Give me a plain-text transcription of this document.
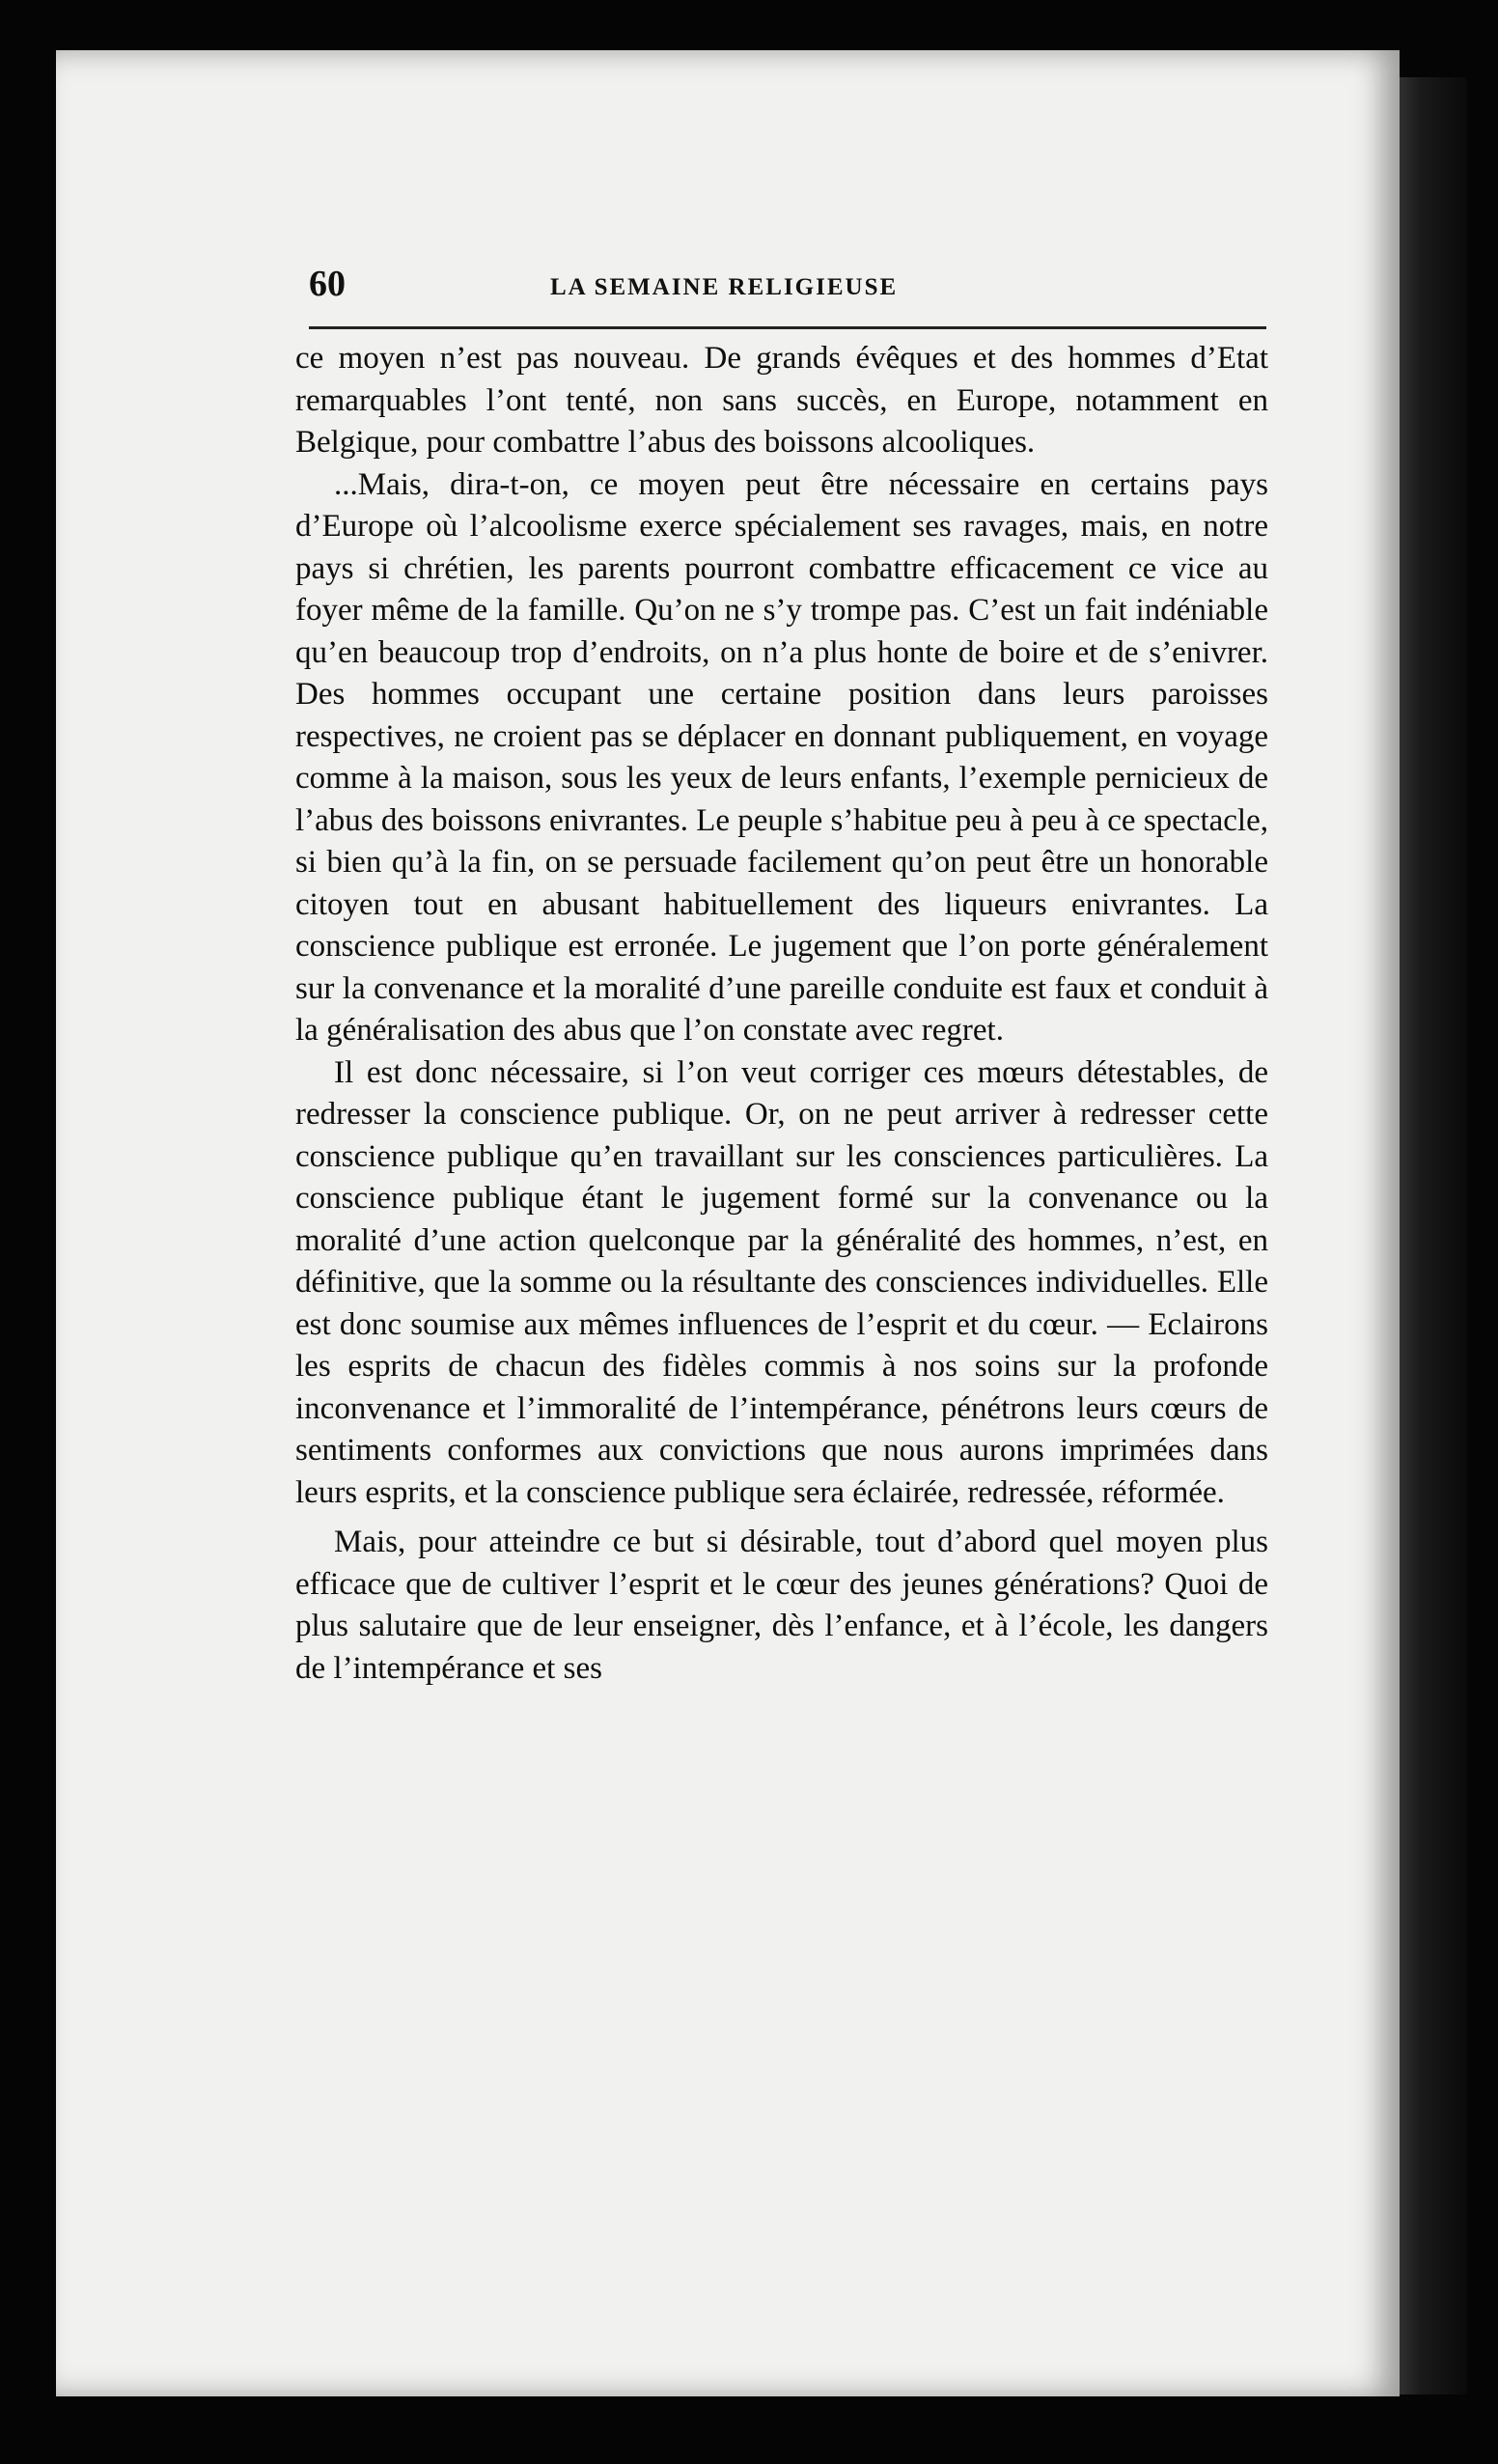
60	LA SEMAINE RELIGIEUSE

ce moyen n’est pas nouveau. De grands évêques et des hommes d’Etat remarquables l’ont tenté, non sans succès, en Europe, notamment en Belgique, pour combattre l’abus des boissons alcooliques.

...Mais, dira-t-on, ce moyen peut être nécessaire en certains pays d’Europe où l’alcoolisme exerce spécialement ses ravages, mais, en notre pays si chrétien, les parents pourront combattre efficacement ce vice au foyer même de la famille. Qu’on ne s’y trompe pas. C’est un fait indéniable qu’en beaucoup trop d’endroits, on n’a plus honte de boire et de s’enivrer. Des hommes occupant une certaine position dans leurs paroisses respectives, ne croient pas se déplacer en donnant publiquement, en voyage comme à la maison, sous les yeux de leurs enfants, l’exemple pernicieux de l’abus des boissons enivrantes. Le peuple s’habitue peu à peu à ce spectacle, si bien qu’à la fin, on se persuade facilement qu’on peut être un honorable citoyen tout en abusant habituellement des liqueurs enivrantes. La conscience publique est erronée. Le jugement que l’on porte généralement sur la convenance et la moralité d’une pareille conduite est faux et conduit à la généralisation des abus que l’on constate avec regret.

Il est donc nécessaire, si l’on veut corriger ces mœurs détestables, de redresser la conscience publique. Or, on ne peut arriver à redresser cette conscience publique qu’en travaillant sur les consciences particulières. La conscience publique étant le jugement formé sur la convenance ou la moralité d’une action quelconque par la généralité des hommes, n’est, en définitive, que la somme ou la résultante des consciences individuelles. Elle est donc soumise aux mêmes influences de l’esprit et du cœur. — Eclairons les esprits de chacun des fidèles commis à nos soins sur la profonde inconvenance et l’immoralité de l’intempérance, pénétrons leurs cœurs de sentiments conformes aux convictions que nous aurons imprimées dans leurs esprits, et la conscience publique sera éclairée, redressée, réformée.

Mais, pour atteindre ce but si désirable, tout d’abord quel moyen plus efficace que de cultiver l’esprit et le cœur des jeunes générations? Quoi de plus salutaire que de leur enseigner, dès l’enfance, et à l’école, les dangers de l’intempérance et ses
